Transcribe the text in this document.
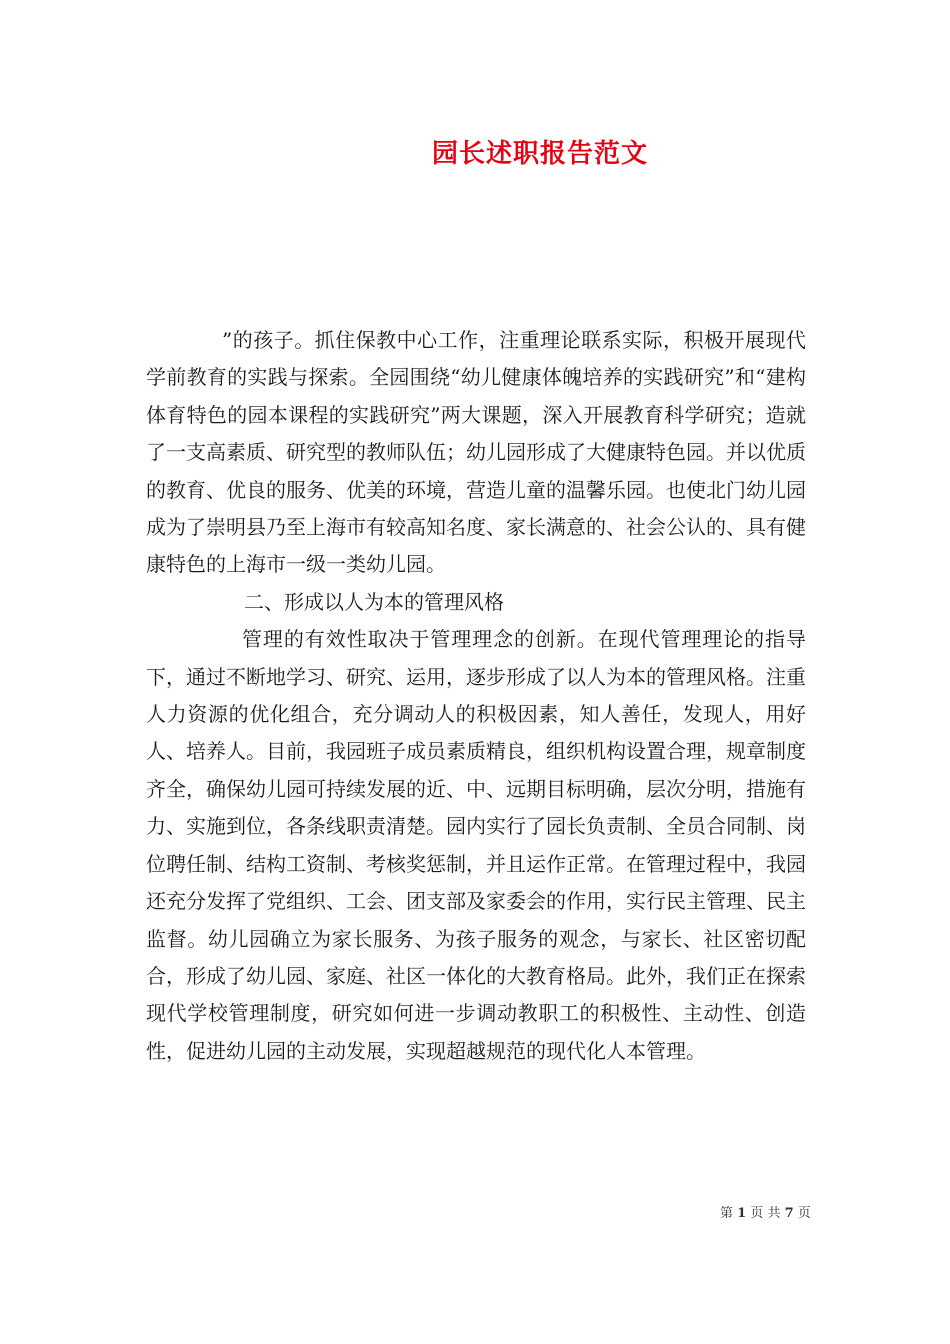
园长述职报告范文

”的孩子。抓住保教中心工作，注重理论联系实际，积极开展现代学前教育的实践与探索。全园围绕“幼儿健康体魄培养的实践研究”和“建构体育特色的园本课程的实践研究”两大课题，深入开展教育科学研究；造就了一支高素质、研究型的教师队伍；幼儿园形成了大健康特色园。并以优质的教育、优良的服务、优美的环境，营造儿童的温馨乐园。也使北门幼儿园成为了崇明县乃至上海市有较高知名度、家长满意的、社会公认的、具有健康特色的上海市一级一类幼儿园。

二、形成以人为本的管理风格

管理的有效性取决于管理理念的创新。在现代管理理论的指导下，通过不断地学习、研究、运用，逐步形成了以人为本的管理风格。注重人力资源的优化组合，充分调动人的积极因素，知人善任，发现人，用好人、培养人。目前，我园班子成员素质精良，组织机构设置合理，规章制度齐全，确保幼儿园可持续发展的近、中、远期目标明确，层次分明，措施有力、实施到位，各条线职责清楚。园内实行了园长负责制、全员合同制、岗位聘任制、结构工资制、考核奖惩制，并且运作正常。在管理过程中，我园还充分发挥了党组织、工会、团支部及家委会的作用，实行民主管理、民主监督。幼儿园确立为家长服务、为孩子服务的观念，与家长、社区密切配合，形成了幼儿园、家庭、社区一体化的大教育格局。此外，我们正在探索现代学校管理制度，研究如何进一步调动教职工的积极性、主动性、创造性，促进幼儿园的主动发展，实现超越规范的现代化人本管理。

第 1 页 共 7 页
